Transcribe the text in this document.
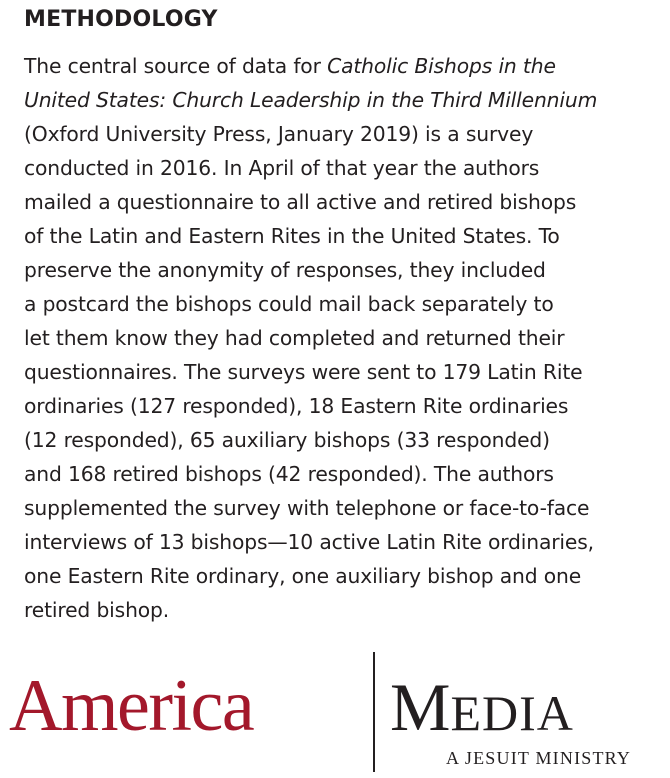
METHODOLOGY
The central source of data for Catholic Bishops in the
United States: Church Leadership in the Third Millennium
(Oxford University Press, January 2019) is a survey
conducted in 2016. In April of that year the authors
mailed a questionnaire to all active and retired bishops
of the Latin and Eastern Rites in the United States. To
preserve the anonymity of responses, they included
a postcard the bishops could mail back separately to
let them know they had completed and returned their
questionnaires. The surveys were sent to 179 Latin Rite
ordinaries (127 responded), 18 Eastern Rite ordinaries
(12 responded), 65 auxiliary bishops (33 responded)
and 168 retired bishops (42 responded). The authors
supplemented the survey with telephone or face-to-face
interviews of 13 bishops—10 active Latin Rite ordinaries,
one Eastern Rite ordinary, one auxiliary bishop and one
retired bishop.
America MEDIA
A JESUIT MINISTRY
